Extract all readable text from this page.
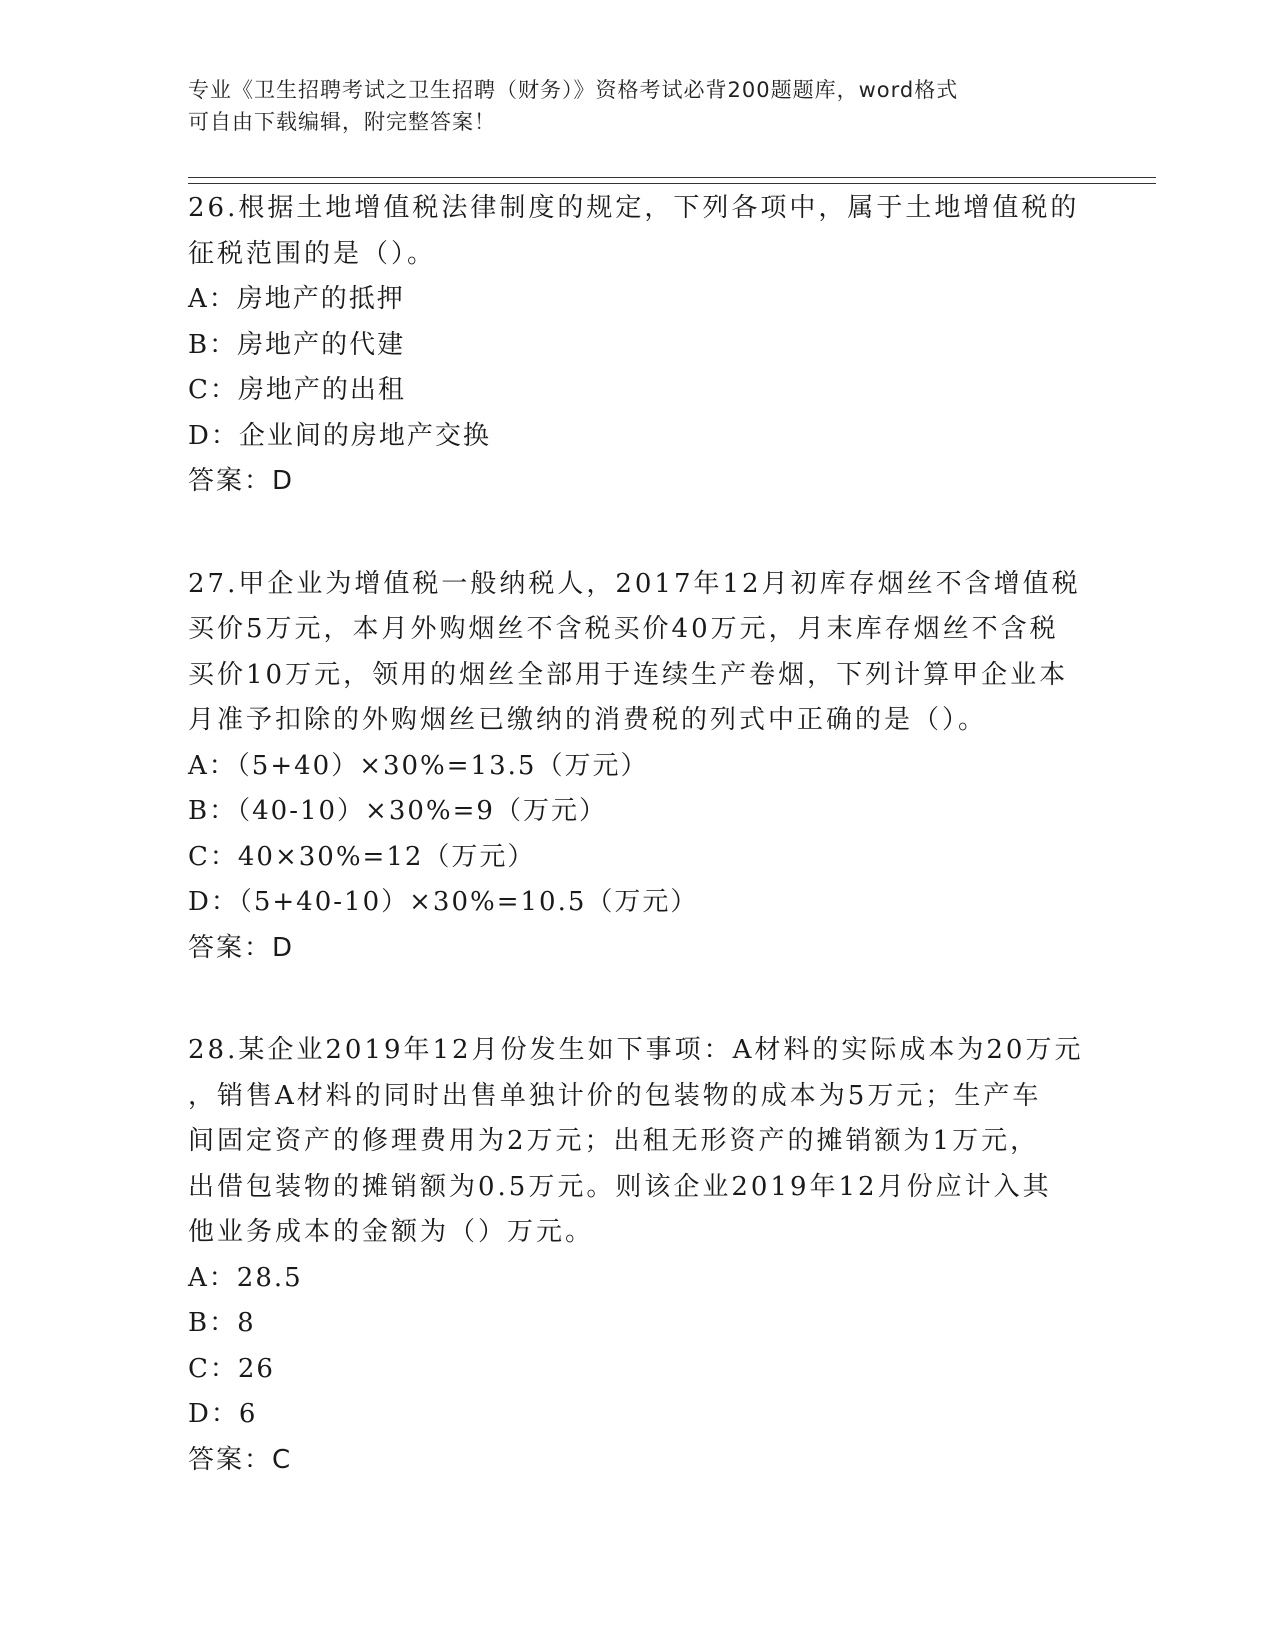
专业《卫生招聘考试之卫生招聘（财务）》资格考试必背200题题库，word格式
可自由下载编辑，附完整答案！
26.根据土地增值税法律制度的规定，下列各项中，属于土地增值税的
征税范围的是（）。
A：房地产的抵押
B：房地产的代建
C：房地产的出租
D：企业间的房地产交换
答案：D
27.甲企业为增值税一般纳税人，2017年12月初库存烟丝不含增值税
买价5万元，本月外购烟丝不含税买价40万元，月末库存烟丝不含税
买价10万元，领用的烟丝全部用于连续生产卷烟，下列计算甲企业本
月准予扣除的外购烟丝已缴纳的消费税的列式中正确的是（）。
A：（5+40）×30%=13.5（万元）
B：（40-10）×30%=9（万元）
C：40×30%=12（万元）
D：（5+40-10）×30%=10.5（万元）
答案：D
28.某企业2019年12月份发生如下事项：A材料的实际成本为20万元
，销售A材料的同时出售单独计价的包装物的成本为5万元；生产车
间固定资产的修理费用为2万元；出租无形资产的摊销额为1万元，
出借包装物的摊销额为0.5万元。则该企业2019年12月份应计入其
他业务成本的金额为（）万元。
A：28.5
B：8
C：26
D：6
答案：C
